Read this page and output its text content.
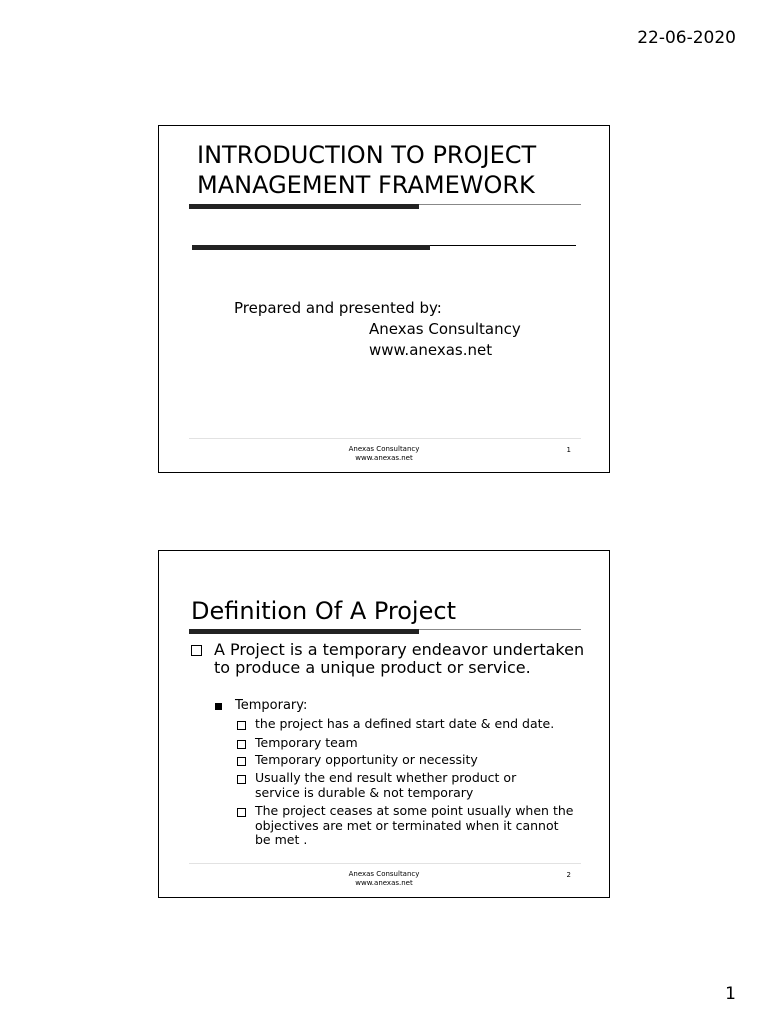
22-06-2020
INTRODUCTION TO PROJECT
MANAGEMENT FRAMEWORK
Prepared and presented by:
Anexas Consultancy
www.anexas.net
Anexas Consultancy
www.anexas.net
1
Definition Of A Project
A Project is a temporary endeavor undertaken to produce a unique product or service.
Temporary:
the project has a defined start date & end date.
Temporary team
Temporary opportunity or necessity
Usually the end result whether product or service is durable & not temporary
The project ceases at some point usually when the objectives are met or terminated when it cannot be met .
Anexas Consultancy
www.anexas.net
2
1
